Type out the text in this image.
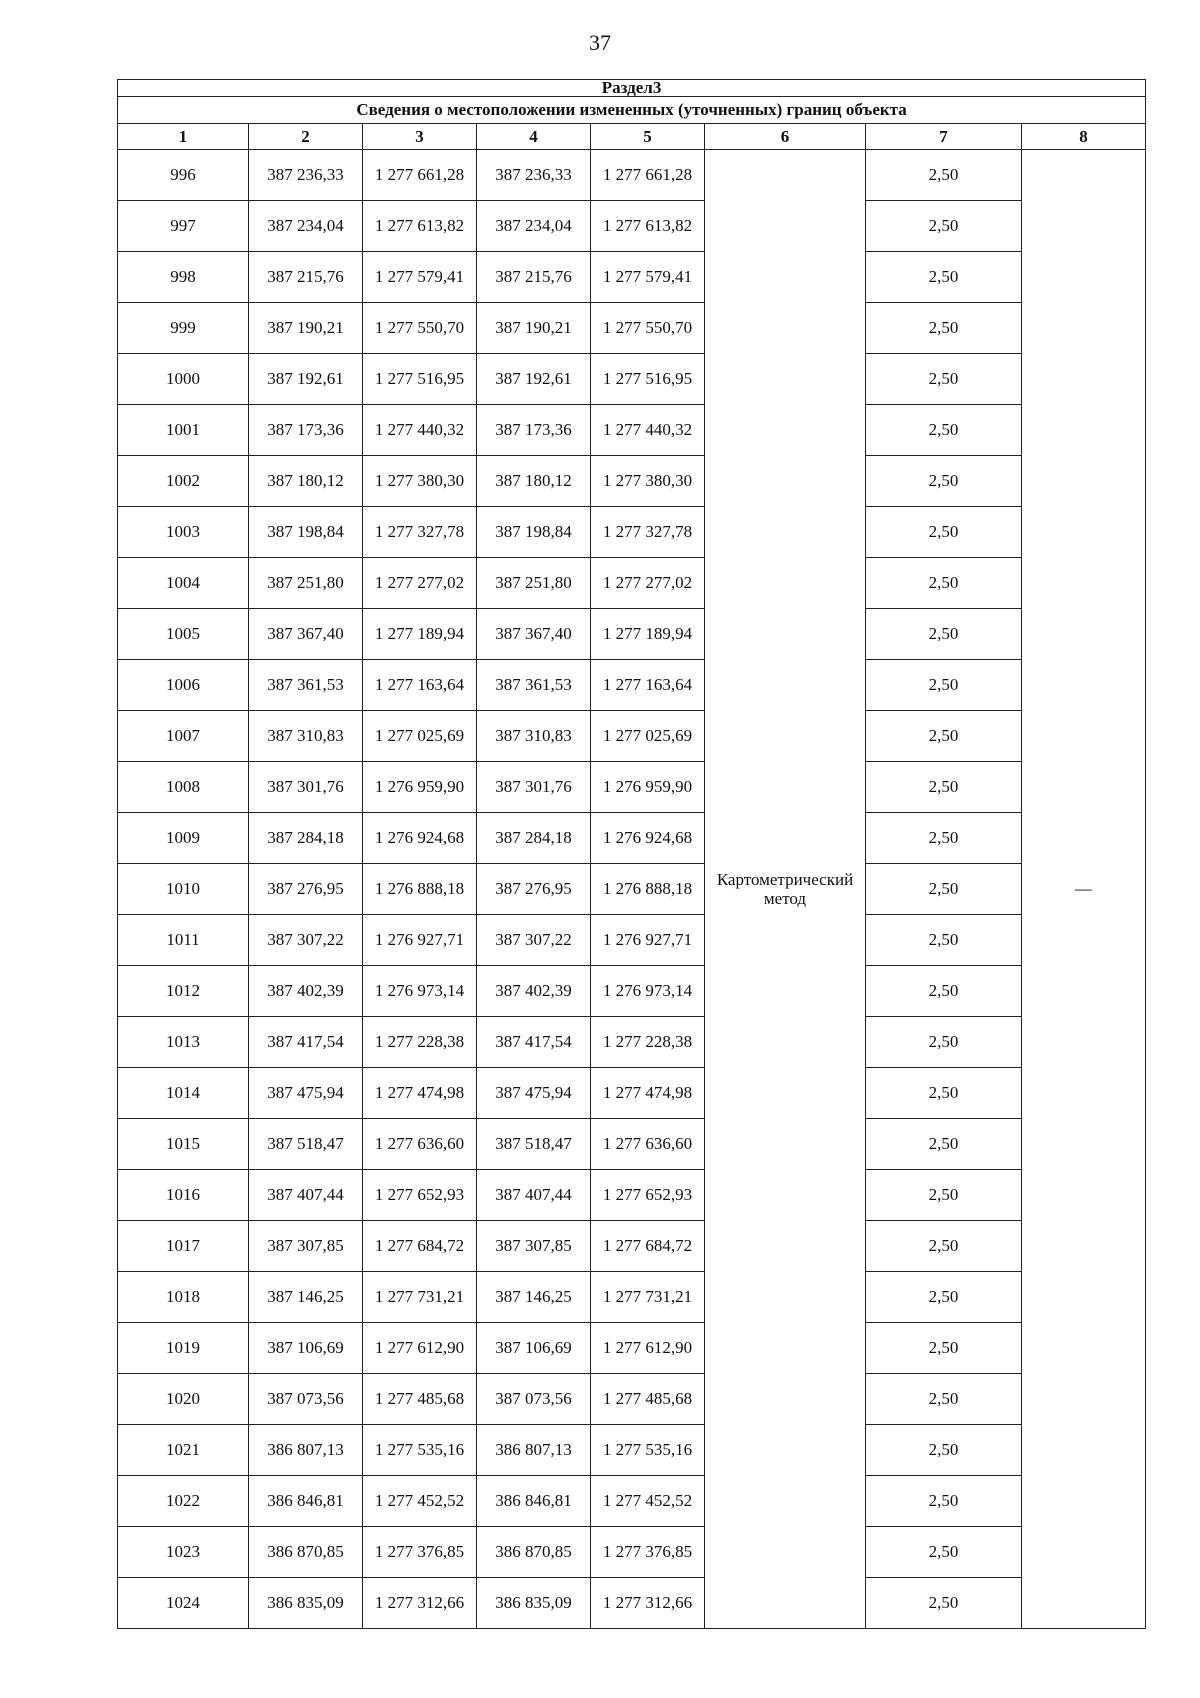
37
Раздел3							
Сведения о местоположении измененных (уточненных) границ объекта							
1	2	3	4	5	6	7	8
996	387 236,33	1 277 661,28	387 236,33	1 277 661,28	Картометрический метод	2,50	—
997	387 234,04	1 277 613,82	387 234,04	1 277 613,82		2,50	
998	387 215,76	1 277 579,41	387 215,76	1 277 579,41		2,50	
999	387 190,21	1 277 550,70	387 190,21	1 277 550,70		2,50	
1000	387 192,61	1 277 516,95	387 192,61	1 277 516,95		2,50	
1001	387 173,36	1 277 440,32	387 173,36	1 277 440,32		2,50	
1002	387 180,12	1 277 380,30	387 180,12	1 277 380,30		2,50	
1003	387 198,84	1 277 327,78	387 198,84	1 277 327,78		2,50	
1004	387 251,80	1 277 277,02	387 251,80	1 277 277,02		2,50	
1005	387 367,40	1 277 189,94	387 367,40	1 277 189,94		2,50	
1006	387 361,53	1 277 163,64	387 361,53	1 277 163,64		2,50	
1007	387 310,83	1 277 025,69	387 310,83	1 277 025,69		2,50	
1008	387 301,76	1 276 959,90	387 301,76	1 276 959,90		2,50	
1009	387 284,18	1 276 924,68	387 284,18	1 276 924,68		2,50	
1010	387 276,95	1 276 888,18	387 276,95	1 276 888,18		2,50	
1011	387 307,22	1 276 927,71	387 307,22	1 276 927,71		2,50	
1012	387 402,39	1 276 973,14	387 402,39	1 276 973,14		2,50	
1013	387 417,54	1 277 228,38	387 417,54	1 277 228,38		2,50	
1014	387 475,94	1 277 474,98	387 475,94	1 277 474,98		2,50	
1015	387 518,47	1 277 636,60	387 518,47	1 277 636,60		2,50	
1016	387 407,44	1 277 652,93	387 407,44	1 277 652,93		2,50	
1017	387 307,85	1 277 684,72	387 307,85	1 277 684,72		2,50	
1018	387 146,25	1 277 731,21	387 146,25	1 277 731,21		2,50	
1019	387 106,69	1 277 612,90	387 106,69	1 277 612,90		2,50	
1020	387 073,56	1 277 485,68	387 073,56	1 277 485,68		2,50	
1021	386 807,13	1 277 535,16	386 807,13	1 277 535,16		2,50	
1022	386 846,81	1 277 452,52	386 846,81	1 277 452,52		2,50	
1023	386 870,85	1 277 376,85	386 870,85	1 277 376,85		2,50	
1024	386 835,09	1 277 312,66	386 835,09	1 277 312,66		2,50	
